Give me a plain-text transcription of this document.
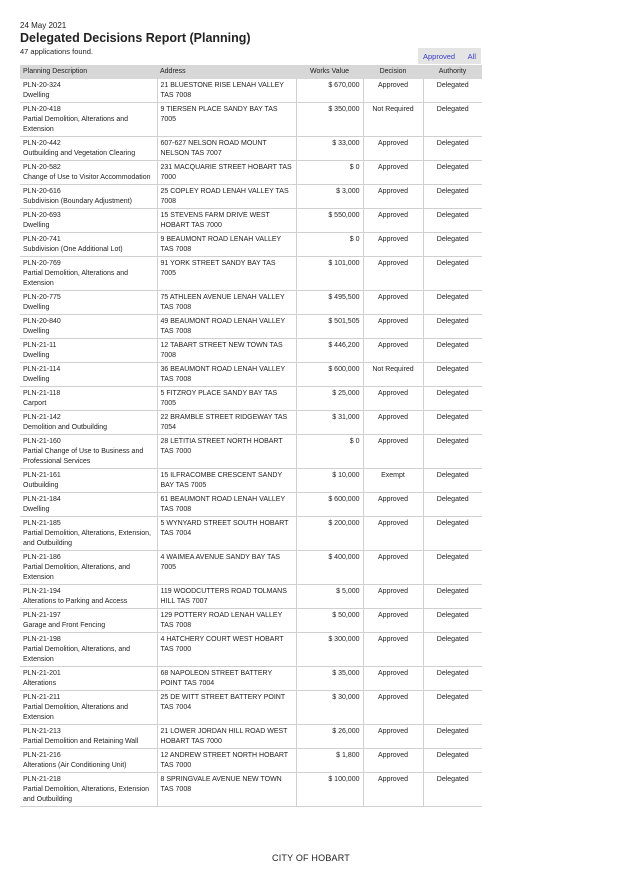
24 May 2021
Delegated Decisions Report (Planning)
47 applications found.	Approved All
Planning Description	Address	Works Value	Decision	Authority

PLN-20-324
Dwelling	21 BLUESTONE RISE LENAH VALLEY TAS 7008	$ 670,000	Approved	Delegated

PLN-20-418
Partial Demolition, Alterations and Extension	9 TIERSEN PLACE SANDY BAY TAS 7005	$ 350,000	Not Required	Delegated

PLN-20-442
Outbuilding and Vegetation Clearing	607-627 NELSON ROAD MOUNT NELSON TAS 7007	$ 33,000	Approved	Delegated

PLN-20-582
Change of Use to Visitor Accommodation	231 MACQUARIE STREET HOBART TAS 7000	$ 0	Approved	Delegated

PLN-20-616
Subdivision (Boundary Adjustment)	25 COPLEY ROAD LENAH VALLEY TAS 7008	$ 3,000	Approved	Delegated

PLN-20-693
Dwelling	15 STEVENS FARM DRIVE WEST HOBART TAS 7000	$ 550,000	Approved	Delegated

PLN-20-741
Subdivision (One Additional Lot)	9 BEAUMONT ROAD LENAH VALLEY TAS 7008	$ 0	Approved	Delegated

PLN-20-769
Partial Demolition, Alterations and Extension	91 YORK STREET SANDY BAY TAS 7005	$ 101,000	Approved	Delegated

PLN-20-775
Dwelling	75 ATHLEEN AVENUE LENAH VALLEY TAS 7008	$ 495,500	Approved	Delegated

PLN-20-840
Dwelling	49 BEAUMONT ROAD LENAH VALLEY TAS 7008	$ 501,505	Approved	Delegated

PLN-21-11
Dwelling	12 TABART STREET NEW TOWN TAS 7008	$ 446,200	Approved	Delegated

PLN-21-114
Dwelling	36 BEAUMONT ROAD LENAH VALLEY TAS 7008	$ 600,000	Not Required	Delegated

PLN-21-118
Carport	5 FITZROY PLACE SANDY BAY TAS 7005	$ 25,000	Approved	Delegated

PLN-21-142
Demolition and Outbuilding	22 BRAMBLE STREET RIDGEWAY TAS 7054	$ 31,000	Approved	Delegated

PLN-21-160
Partial Change of Use to Business and Professional Services	28 LETITIA STREET NORTH HOBART TAS 7000	$ 0	Approved	Delegated

PLN-21-161
Outbuilding	15 ILFRACOMBE CRESCENT SANDY BAY TAS 7005	$ 10,000	Exempt	Delegated

PLN-21-184
Dwelling	61 BEAUMONT ROAD LENAH VALLEY TAS 7008	$ 600,000	Approved	Delegated

PLN-21-185
Partial Demolition, Alterations, Extension, and Outbuilding	5 WYNYARD STREET SOUTH HOBART TAS 7004	$ 200,000	Approved	Delegated

PLN-21-186
Partial Demolition, Alterations, and Extension	4 WAIMEA AVENUE SANDY BAY TAS 7005	$ 400,000	Approved	Delegated

PLN-21-194
Alterations to Parking and Access	119 WOODCUTTERS ROAD TOLMANS HILL TAS 7007	$ 5,000	Approved	Delegated

PLN-21-197
Garage and Front Fencing	129 POTTERY ROAD LENAH VALLEY TAS 7008	$ 50,000	Approved	Delegated

PLN-21-198
Partial Demolition, Alterations, and Extension	4 HATCHERY COURT WEST HOBART TAS 7000	$ 300,000	Approved	Delegated

PLN-21-201
Alterations	68 NAPOLEON STREET BATTERY POINT TAS 7004	$ 35,000	Approved	Delegated

PLN-21-211
Partial Demolition, Alterations and Extension	25 DE WITT STREET BATTERY POINT TAS 7004	$ 30,000	Approved	Delegated

PLN-21-213
Partial Demolition and Retaining Wall	21 LOWER JORDAN HILL ROAD WEST HOBART TAS 7000	$ 26,000	Approved	Delegated

PLN-21-216
Alterations (Air Conditioning Unit)	12 ANDREW STREET NORTH HOBART TAS 7000	$ 1,800	Approved	Delegated

PLN-21-218
Partial Demolition, Alterations, Extension and Outbuilding	8 SPRINGVALE AVENUE NEW TOWN TAS 7008	$ 100,000	Approved	Delegated
CITY OF HOBART
